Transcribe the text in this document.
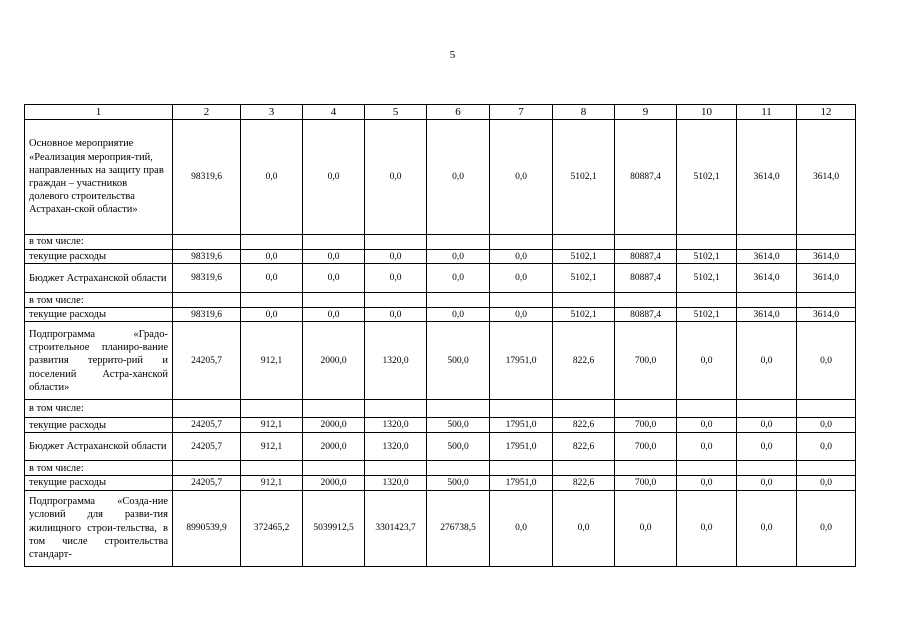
5
1	2	3	4	5	6	7	8	9	10	11	12
Основное мероприятие «Реализация мероприя-тий, направленных на защиту прав граждан – участников долевого строительства Астрахан-ской области»	98319,6	0,0	0,0	0,0	0,0	0,0	5102,1	80887,4	5102,1	3614,0	3614,0
в том числе:											
текущие расходы	98319,6	0,0	0,0	0,0	0,0	0,0	5102,1	80887,4	5102,1	3614,0	3614,0
Бюджет Астраханской области	98319,6	0,0	0,0	0,0	0,0	0,0	5102,1	80887,4	5102,1	3614,0	3614,0
в том числе:											
текущие расходы	98319,6	0,0	0,0	0,0	0,0	0,0	5102,1	80887,4	5102,1	3614,0	3614,0
Подпрограмма «Градо-строительное планиро-вание развития террито-рий и поселений Астра-ханской области»	24205,7	912,1	2000,0	1320,0	500,0	17951,0	822,6	700,0	0,0	0,0	0,0
в том числе:											
текущие расходы	24205,7	912,1	2000,0	1320,0	500,0	17951,0	822,6	700,0	0,0	0,0	0,0
Бюджет Астраханской области	24205,7	912,1	2000,0	1320,0	500,0	17951,0	822,6	700,0	0,0	0,0	0,0
в том числе:											
текущие расходы	24205,7	912,1	2000,0	1320,0	500,0	17951,0	822,6	700,0	0,0	0,0	0,0
Подпрограмма «Созда-ние условий для разви-тия жилищного строи-тельства, в том числе строительства стандарт-	8990539,9	372465,2	5039912,5	3301423,7	276738,5	0,0	0,0	0,0	0,0	0,0	0,0
